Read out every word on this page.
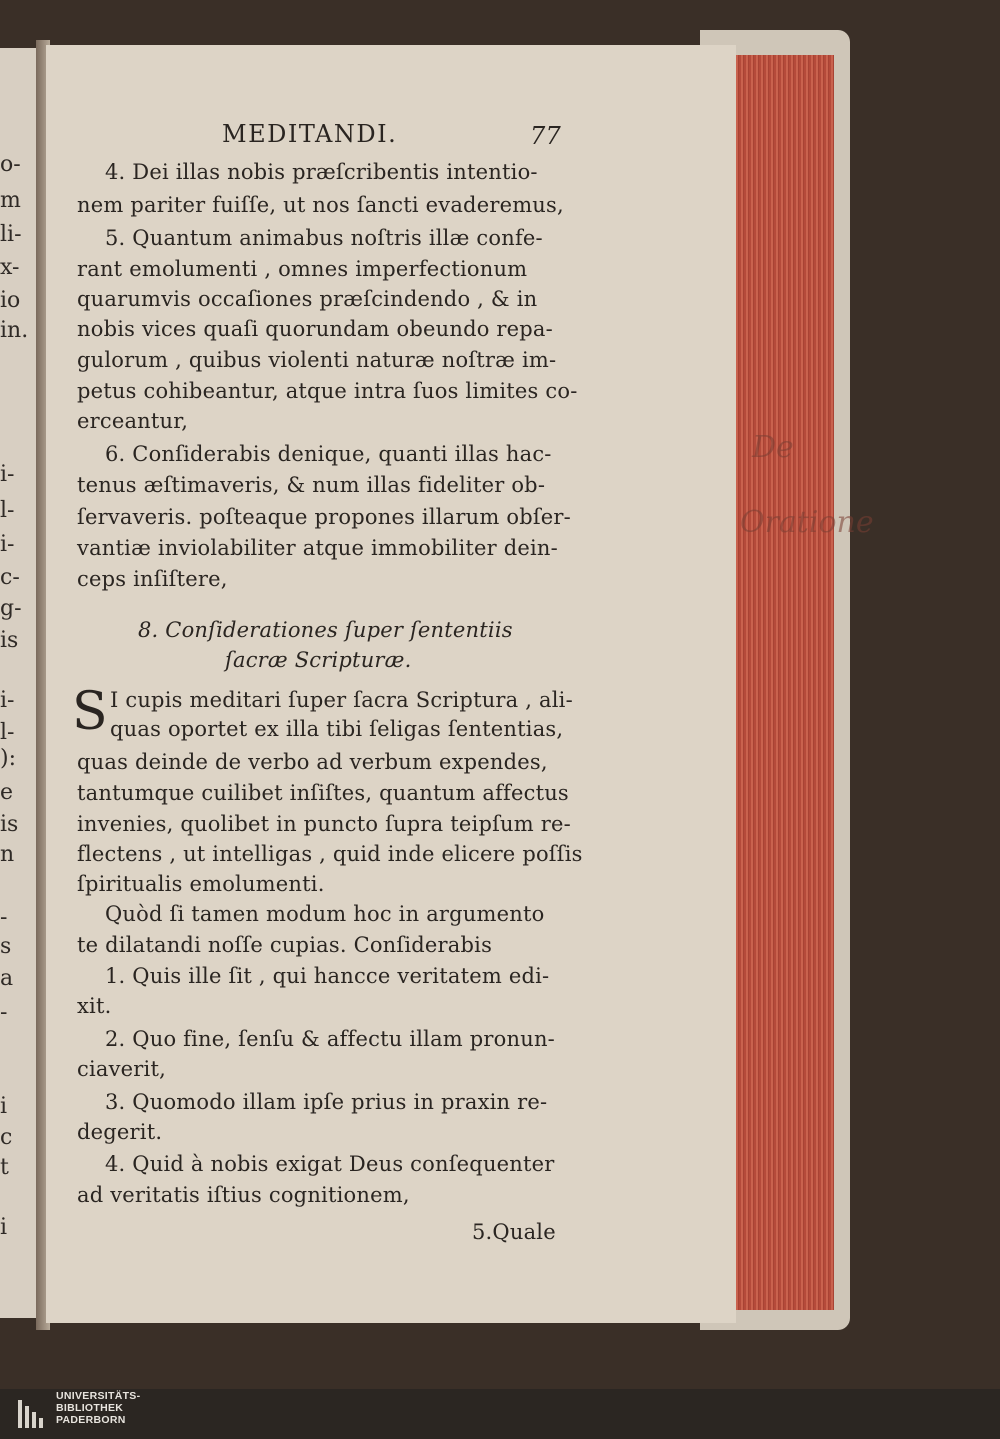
De
Oratione
o-
m
li-
x-
io
in.
i-
l-
i-
c-
g-
is
i-
l-
):
e
is
n
-
s
a
-
i
c
t
i
MEDITANDI.	77
4. Dei illas nobis præſcribentis intentio-
nem pariter fuiſſe, ut nos ſancti evaderemus,
5. Quantum animabus noſtris illæ confe-
rant emolumenti , omnes imperfectionum
quarumvis occaſiones præſcindendo , & in
nobis vices quaſi quorundam obeundo repa-
gulorum , quibus violenti naturæ noſtræ im-
petus cohibeantur, atque intra ſuos limites co-
erceantur,
6. Conſiderabis denique, quanti illas hac-
tenus æſtimaveris, & num illas fideliter ob-
ſervaveris. poſteaque propones illarum obſer-
vantiæ inviolabiliter atque immobiliter dein-
ceps inſiſtere,
8. Conſiderationes ſuper ſententiis
ſacræ Scripturæ.
S I cupis meditari ſuper ſacra Scriptura , ali-
quas oportet ex illa tibi ſeligas ſententias,
quas deinde de verbo ad verbum expendes,
tantumque cuilibet inſiſtes, quantum affectus
invenies, quolibet in puncto ſupra teipſum re-
flectens , ut intelligas , quid inde elicere poſſis
ſpiritualis emolumenti.
Quòd ſi tamen modum hoc in argumento
te dilatandi noſſe cupias. Conſiderabis
1. Quis ille ſit , qui hancce veritatem edi-
xit.
2. Quo fine, ſenſu & affectu illam pronun-
ciaverit,
3. Quomodo illam ipſe prius in praxin re-
degerit.
4. Quid à nobis exigat Deus conſequenter
ad veritatis iſtius cognitionem,
5.Quale
UNIVERSITÄTS-
BIBLIOTHEK
PADERBORN
